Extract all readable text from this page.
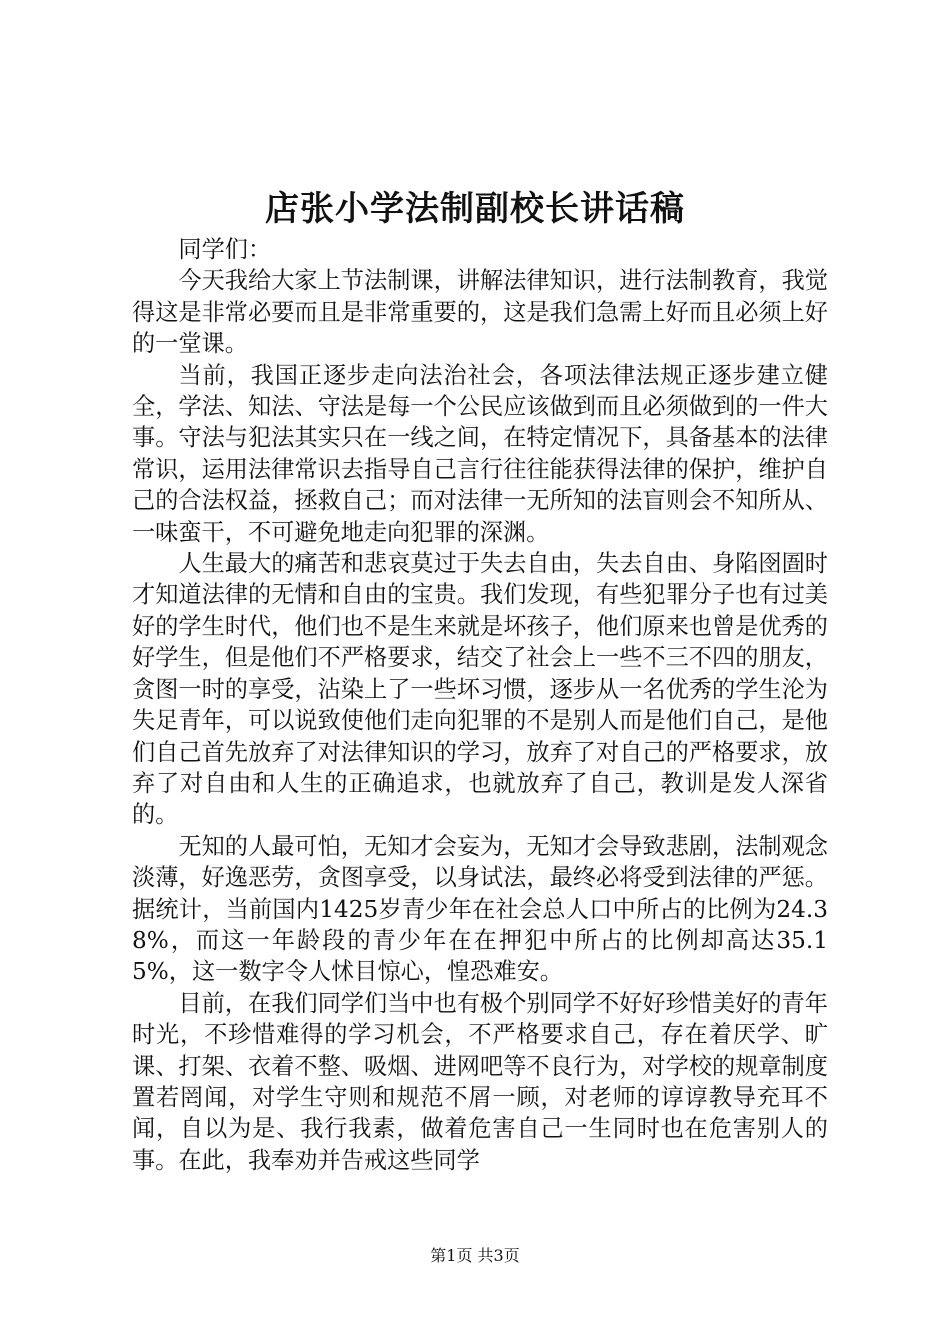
店张小学法制副校长讲话稿

同学们：

今天我给大家上节法制课，讲解法律知识，进行法制教育，我觉得这是非常必要而且是非常重要的，这是我们急需上好而且必须上好的一堂课。

当前，我国正逐步走向法治社会，各项法律法规正逐步建立健全，学法、知法、守法是每一个公民应该做到而且必须做到的一件大事。守法与犯法其实只在一线之间，在特定情况下，具备基本的法律常识，运用法律常识去指导自己言行往往能获得法律的保护，维护自己的合法权益，拯救自己；而对法律一无所知的法盲则会不知所从、一味蛮干，不可避免地走向犯罪的深渊。

人生最大的痛苦和悲哀莫过于失去自由，失去自由、身陷囹圄时才知道法律的无情和自由的宝贵。我们发现，有些犯罪分子也有过美好的学生时代，他们也不是生来就是坏孩子，他们原来也曾是优秀的好学生，但是他们不严格要求，结交了社会上一些不三不四的朋友，贪图一时的享受，沾染上了一些坏习惯，逐步从一名优秀的学生沦为失足青年，可以说致使他们走向犯罪的不是别人而是他们自己，是他们自己首先放弃了对法律知识的学习，放弃了对自己的严格要求，放弃了对自由和人生的正确追求，也就放弃了自己，教训是发人深省的。

无知的人最可怕，无知才会妄为，无知才会导致悲剧，法制观念淡薄，好逸恶劳，贪图享受，以身试法，最终必将受到法律的严惩。据统计，当前国内1425岁青少年在社会总人口中所占的比例为24.38%，而这一年龄段的青少年在在押犯中所占的比例却高达35.15%，这一数字令人怵目惊心，惶恐难安。

目前，在我们同学们当中也有极个别同学不好好珍惜美好的青年时光，不珍惜难得的学习机会，不严格要求自己，存在着厌学、旷课、打架、衣着不整、吸烟、进网吧等不良行为，对学校的规章制度置若罔闻，对学生守则和规范不屑一顾，对老师的谆谆教导充耳不闻，自以为是、我行我素，做着危害自己一生同时也在危害别人的事。在此，我奉劝并告戒这些同学

第1页 共3页
